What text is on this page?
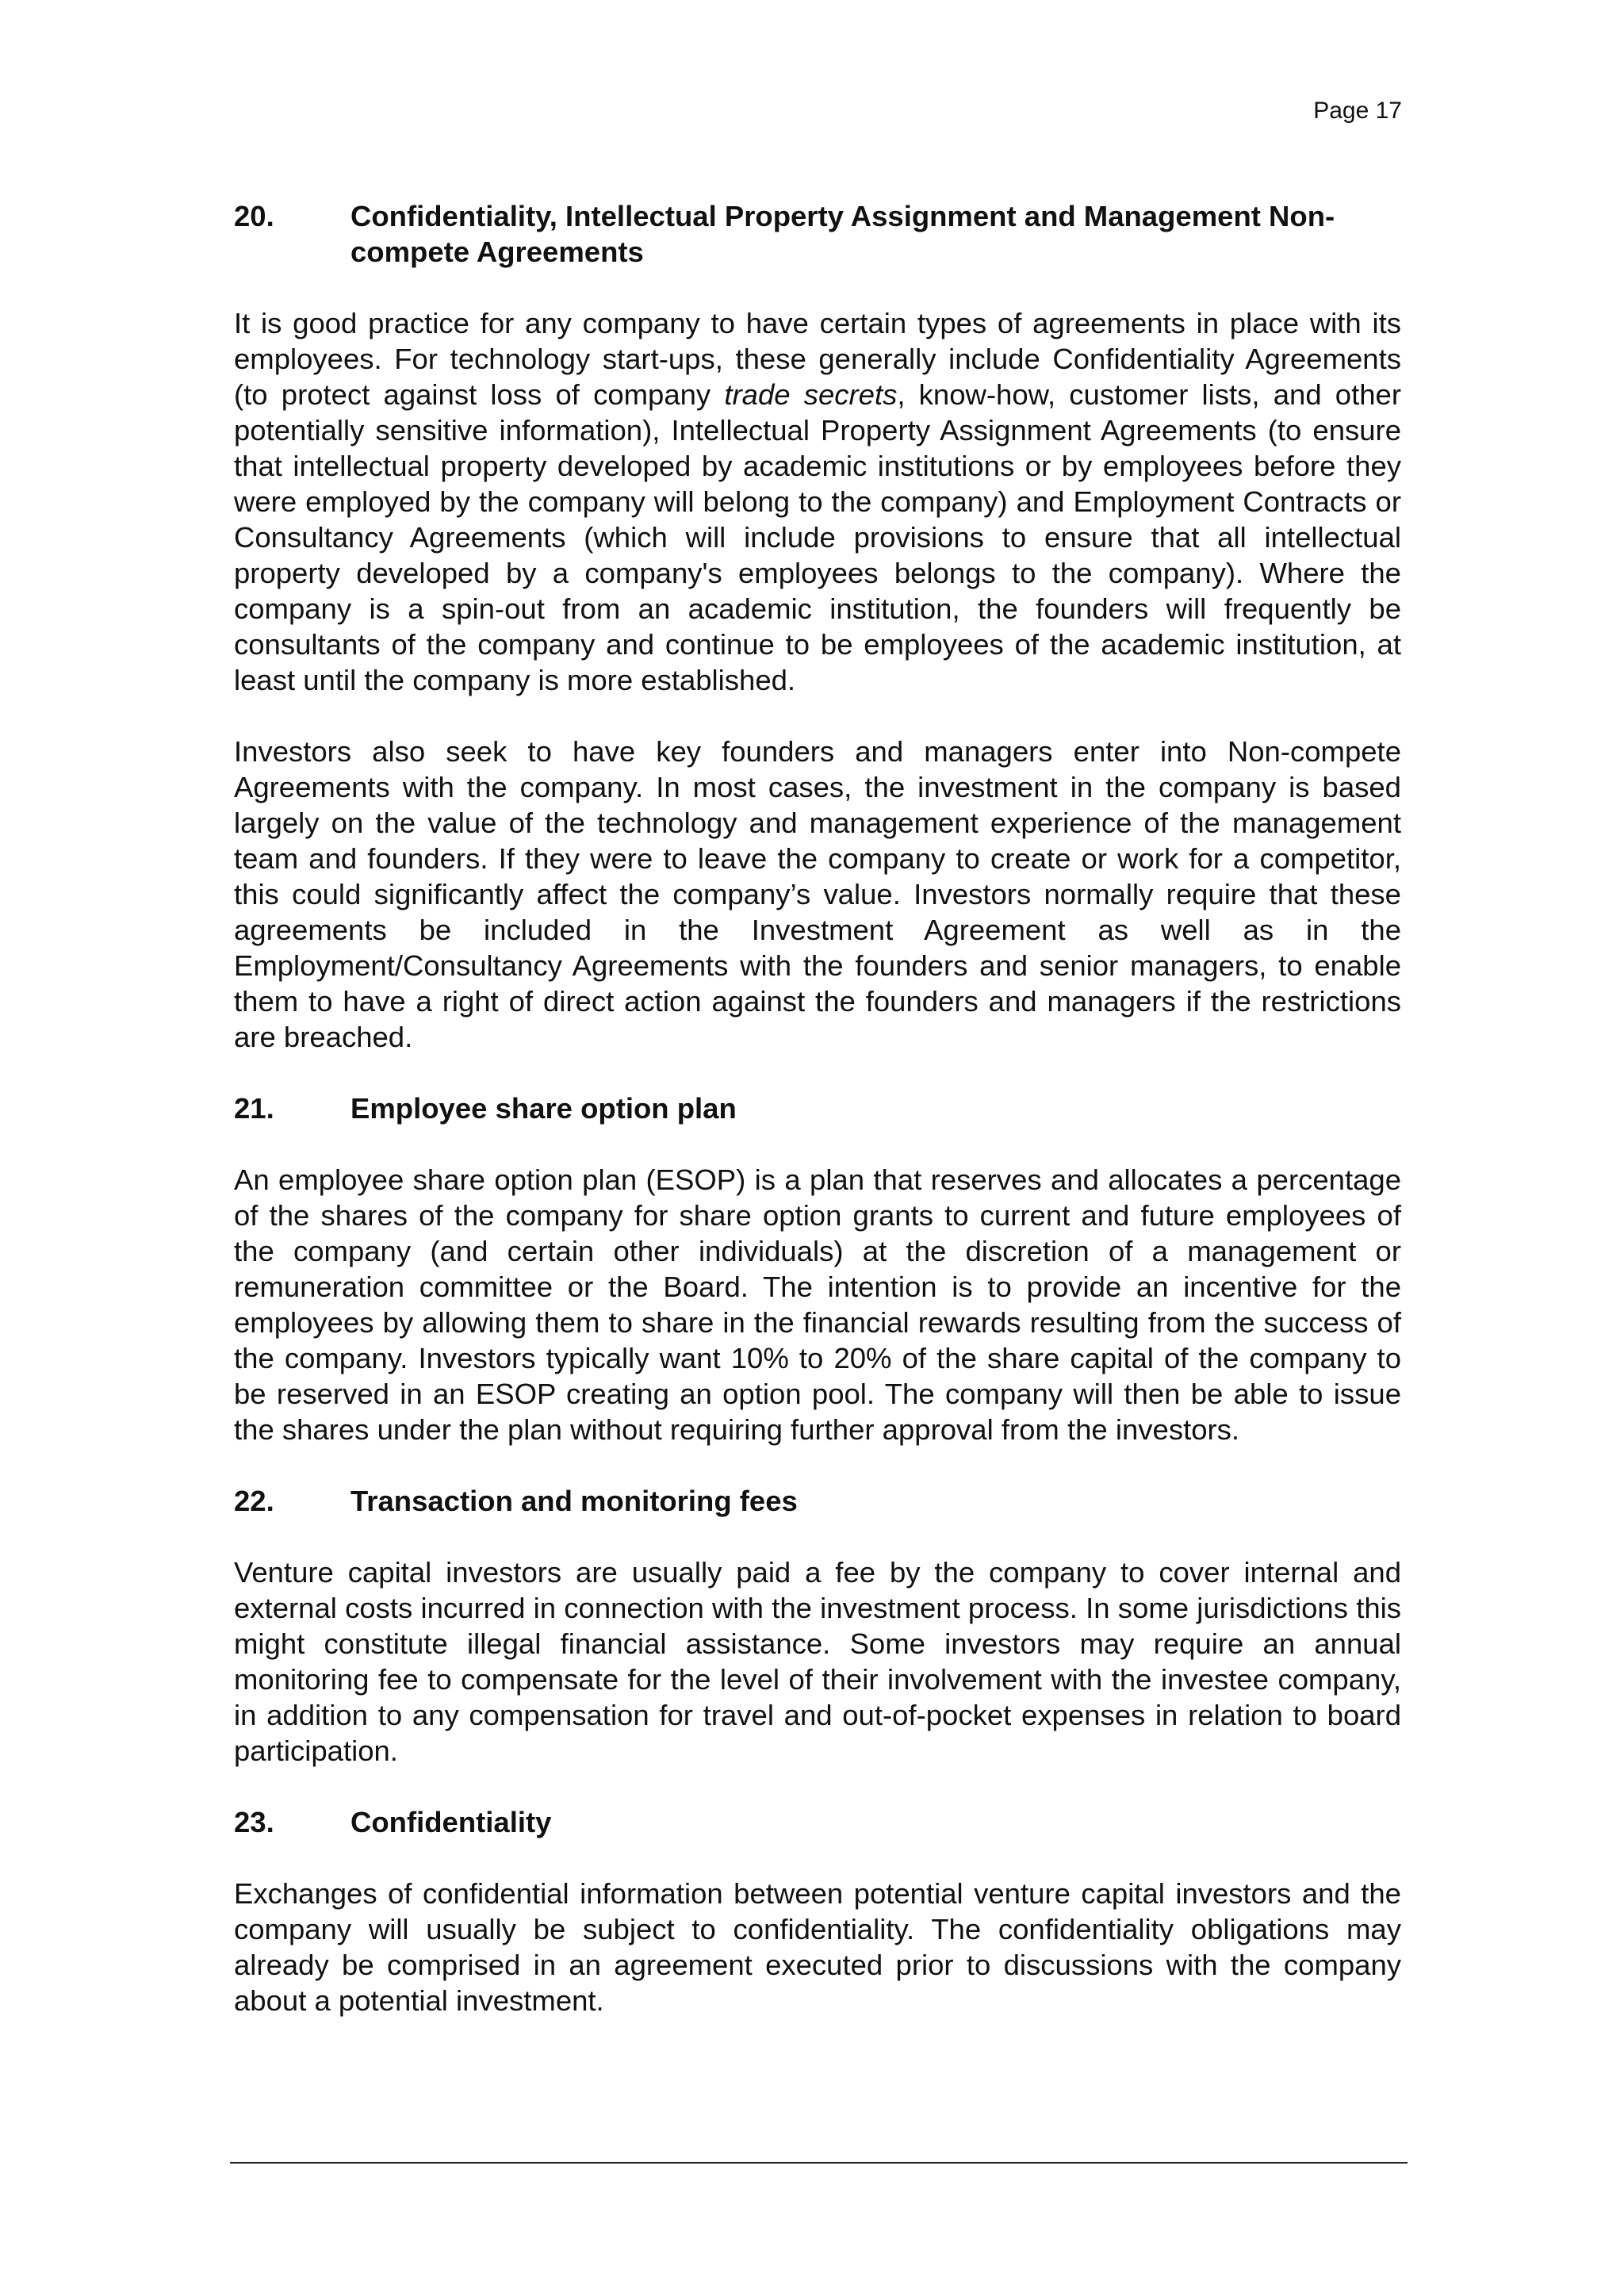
Page 17

20.	Confidentiality, Intellectual Property Assignment and Management Non-compete Agreements

It is good practice for any company to have certain types of agreements in place with its employees. For technology start-ups, these generally include Confidentiality Agreements (to protect against loss of company trade secrets, know-how, customer lists, and other potentially sensitive information), Intellectual Property Assignment Agreements (to ensure that intellectual property developed by academic institutions or by employees before they were employed by the company will belong to the company) and Employment Contracts or Consultancy Agreements (which will include provisions to ensure that all intellectual property developed by a company's employees belongs to the company). Where the company is a spin-out from an academic institution, the founders will frequently be consultants of the company and continue to be employees of the academic institution, at least until the company is more established.

Investors also seek to have key founders and managers enter into Non-compete Agreements with the company. In most cases, the investment in the company is based largely on the value of the technology and management experience of the management team and founders. If they were to leave the company to create or work for a competitor, this could significantly affect the company’s value. Investors normally require that these agreements be included in the Investment Agreement as well as in the Employment/Consultancy Agreements with the founders and senior managers, to enable them to have a right of direct action against the founders and managers if the restrictions are breached.

21.	Employee share option plan

An employee share option plan (ESOP) is a plan that reserves and allocates a percentage of the shares of the company for share option grants to current and future employees of the company (and certain other individuals) at the discretion of a management or remuneration committee or the Board. The intention is to provide an incentive for the employees by allowing them to share in the financial rewards resulting from the success of the company. Investors typically want 10% to 20% of the share capital of the company to be reserved in an ESOP creating an option pool. The company will then be able to issue the shares under the plan without requiring further approval from the investors.

22.	Transaction and monitoring fees

Venture capital investors are usually paid a fee by the company to cover internal and external costs incurred in connection with the investment process. In some jurisdictions this might constitute illegal financial assistance. Some investors may require an annual monitoring fee to compensate for the level of their involvement with the investee company, in addition to any compensation for travel and out-of-pocket expenses in relation to board participation.

23.	Confidentiality

Exchanges of confidential information between potential venture capital investors and the company will usually be subject to confidentiality. The confidentiality obligations may already be comprised in an agreement executed prior to discussions with the company about a potential investment.
